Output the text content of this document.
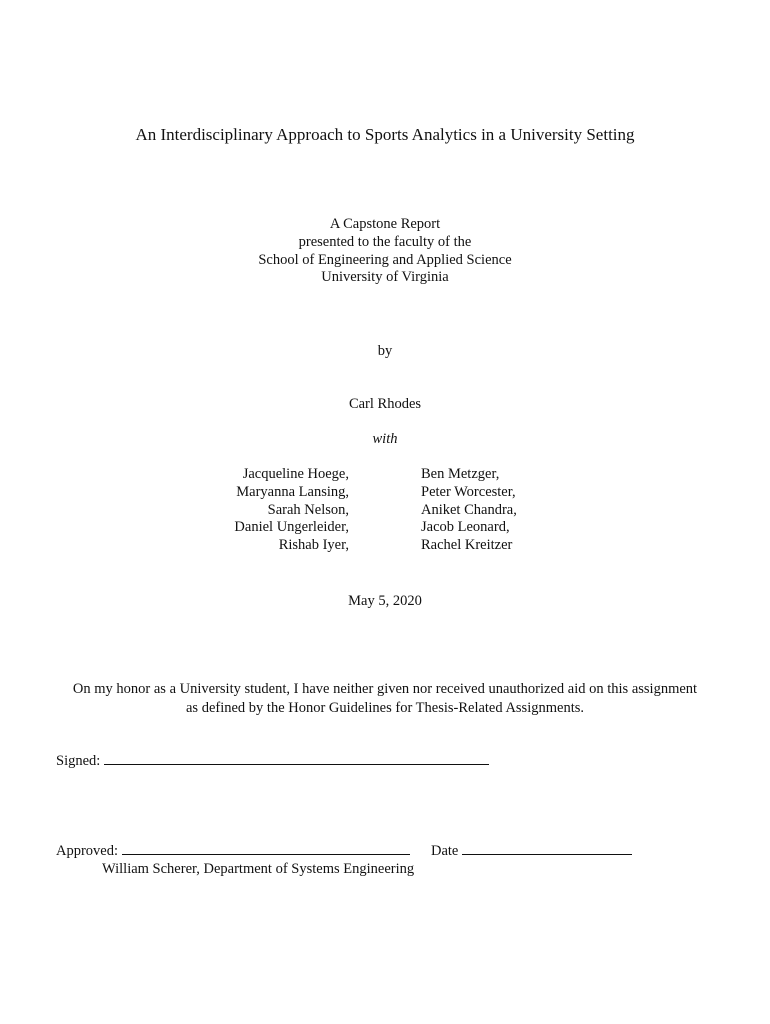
An Interdisciplinary Approach to Sports Analytics in a University Setting
A Capstone Report
presented to the faculty of the
School of Engineering and Applied Science
University of Virginia
by
Carl Rhodes
with
Jacqueline Hoege,
Maryanna Lansing,
Sarah Nelson,
Daniel Ungerleider,
Rishab Iyer,
Ben Metzger,
Peter Worcester,
Aniket Chandra,
Jacob Leonard,
Rachel Kreitzer
May 5, 2020
On my honor as a University student, I have neither given nor received unauthorized aid on this assignment
as defined by the Honor Guidelines for Thesis-Related Assignments.
Signed:
Approved:	Date
William Scherer, Department of Systems Engineering
